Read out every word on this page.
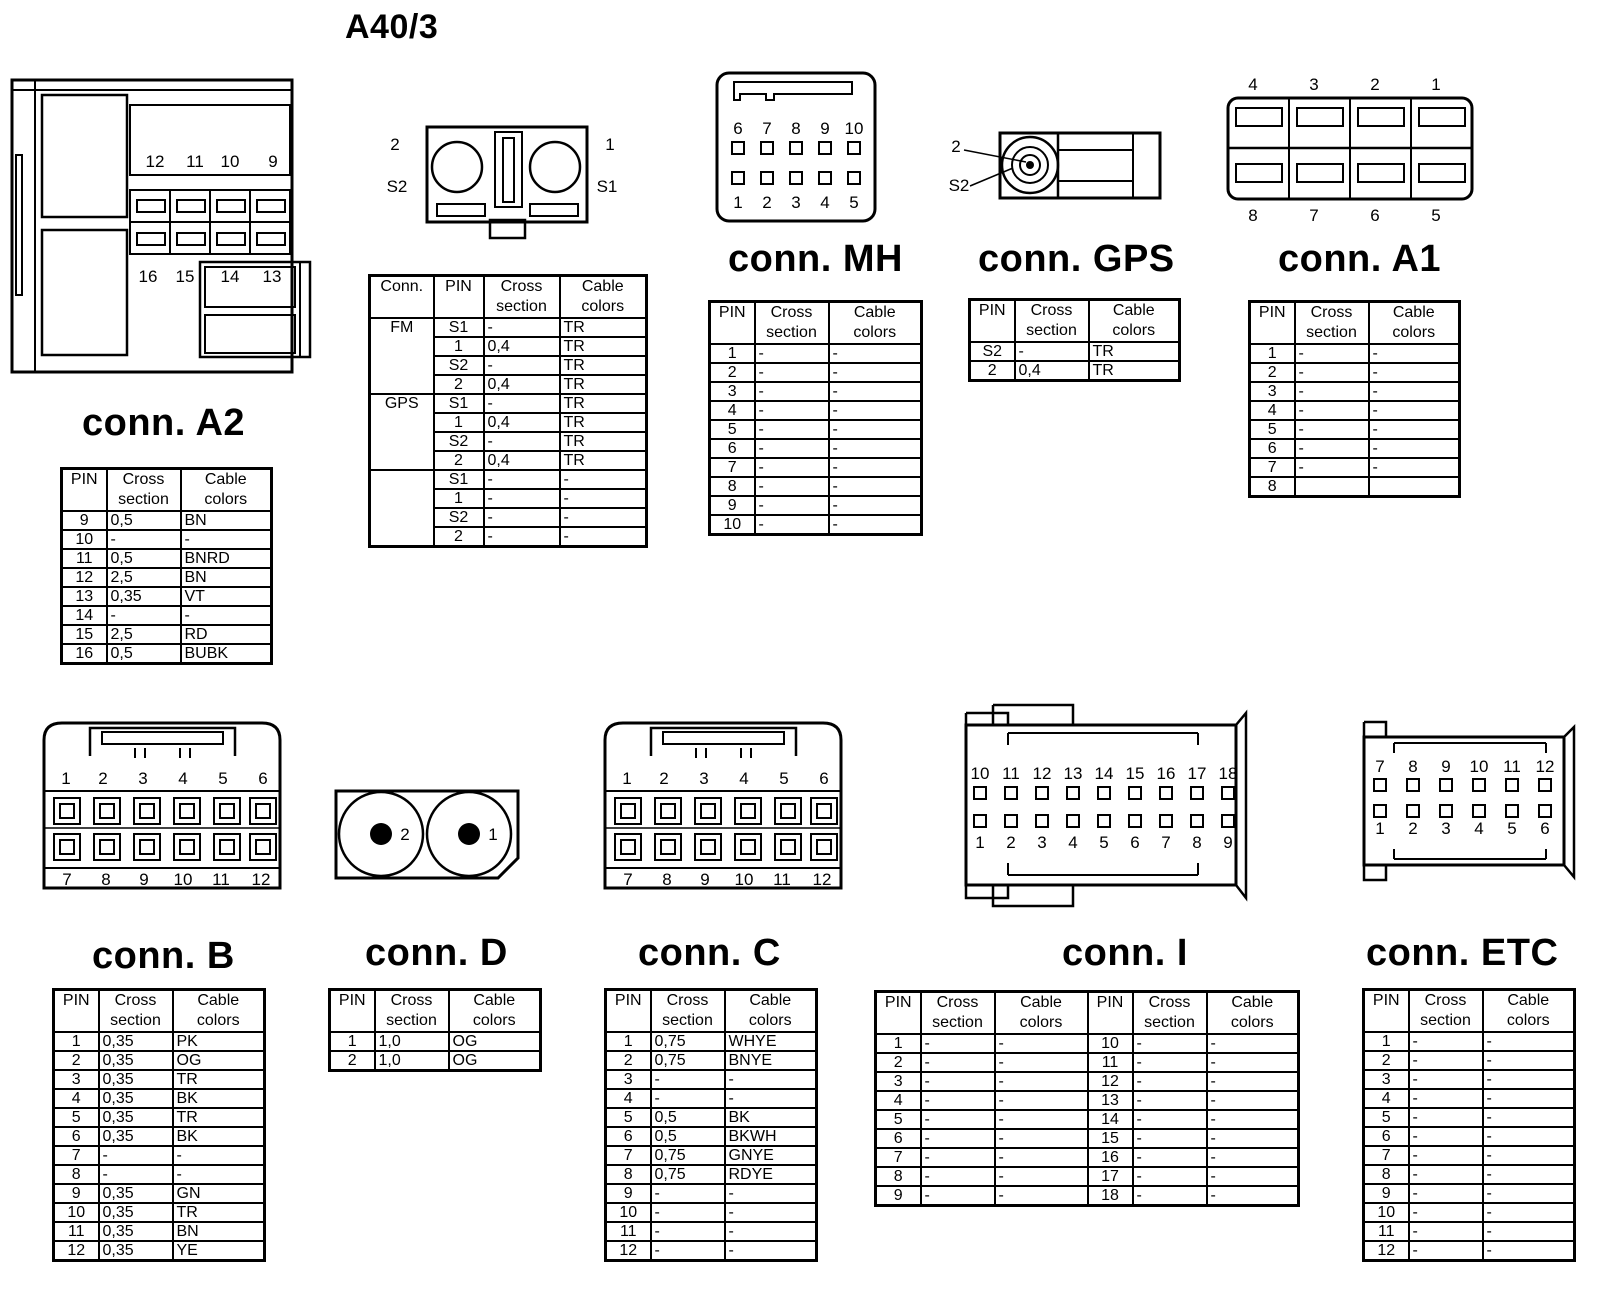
A40/3
12 11 10 9
16 15 14 13
2
S2
1
S1
6 7 8 9 10
1 2 3 4 5
2
S2
4	3	2	1
8	7	6	5
1 2 3 4 5 6
7 8 9 10 11 12
2	1
1 2 3 4 5 6
7 8 9 10 11 12
10 11 12 13 14 15 16 17 18
1 2 3 4 5 6 7 8 9
7 8 9 10 11 12
1 2 3 4 5 6
conn. A2
conn. MH conn. GPS	conn. A1
conn. B	conn. D	conn. C	conn. I	conn. ETC
PIN	Cross section	Cable colors
9	0,5	BN
10	-	-
11	0,5	BNRD
12	2,5	BN
13	0,35	VT
14	-	-
15	2,5	RD
16	0,5	BUBK
Conn.	PIN	Cross section	Cable colors
FM	S1	-	TR
	1	0,4	TR
	S2	-	TR
	2	0,4	TR
GPS	S1	-	TR
	1	0,4	TR
	S2	-	TR
	2	0,4	TR
	S1	-	-
	1	-	-
	S2	-	-
	2	-	-
PIN	Cross section	Cable colors
1	-	-
2	-	-
3	-	-
4	-	-
5	-	-
6	-	-
7	-	-
8	-	-
9	-	-
10	-	-
PIN	Cross section	Cable colors
S2	-	TR
2	0,4	TR
PIN	Cross section	Cable colors
1	-	-
2	-	-
3	-	-
4	-	-
5	-	-
6	-	-
7	-	-
8		
PIN	Cross section	Cable colors
1	0,35	PK
2	0,35	OG
3	0,35	TR
4	0,35	BK
5	0,35	TR
6	0,35	BK
7	-	-
8	-	-
9	0,35	GN
10	0,35	TR
11	0,35	BN
12	0,35	YE
PIN	Cross section	Cable colors
1	1,0	OG
2	1,0	OG
PIN	Cross section	Cable colors
1	0,75	WHYE
2	0,75	BNYE
3	-	-
4	-	-
5	0,5	BK
6	0,5	BKWH
7	0,75	GNYE
8	0,75	RDYE
9	-	-
10	-	-
11	-	-
12	-	-
PIN	Cross section	Cable colors	PIN	Cross section	Cable colors
1	-	-	10	-	-
2	-	-	11	-	-
3	-	-	12	-	-
4	-	-	13	-	-
5	-	-	14	-	-
6	-	-	15	-	-
7	-	-	16	-	-
8	-	-	17	-	-
9	-	-	18	-	-
PIN	Cross section	Cable colors
1	-	-
2	-	-
3	-	-
4	-	-
5	-	-
6	-	-
7	-	-
8	-	-
9	-	-
10	-	-
11	-	-
12	-	-
